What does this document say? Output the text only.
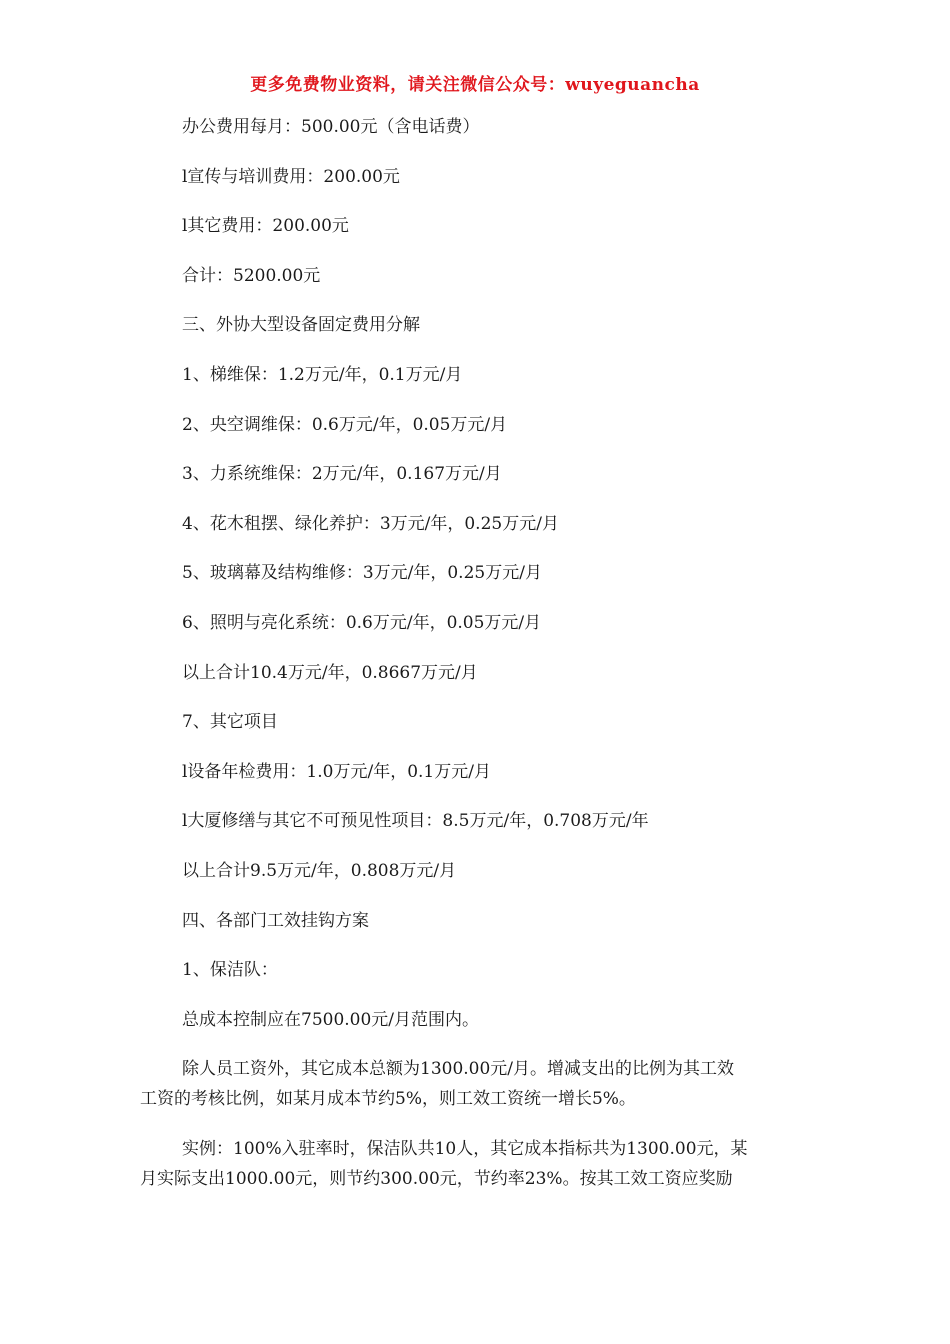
更多免费物业资料，请关注微信公众号：wuyeguancha
办公费用每月：500.00元（含电话费）
l宣传与培训费用：200.00元
l其它费用：200.00元
合计：5200.00元
三、外协大型设备固定费用分解
1、梯维保：1.2万元/年，0.1万元/月
2、央空调维保：0.6万元/年，0.05万元/月
3、力系统维保：2万元/年，0.167万元/月
4、花木租摆、绿化养护：3万元/年，0.25万元/月
5、玻璃幕及结构维修：3万元/年，0.25万元/月
6、照明与亮化系统：0.6万元/年，0.05万元/月
以上合计10.4万元/年，0.8667万元/月
7、其它项目
l设备年检费用：1.0万元/年，0.1万元/月
l大厦修缮与其它不可预见性项目：8.5万元/年，0.708万元/年
以上合计9.5万元/年，0.808万元/月
四、各部门工效挂钩方案
1、保洁队：
总成本控制应在7500.00元/月范围内。
除人员工资外，其它成本总额为1300.00元/月。增减支出的比例为其工效
工资的考核比例，如某月成本节约5%，则工效工资统一增长5%。
实例：100%入驻率时，保洁队共10人，其它成本指标共为1300.00元，某
月实际支出1000.00元，则节约300.00元，节约率23%。按其工效工资应奖励
